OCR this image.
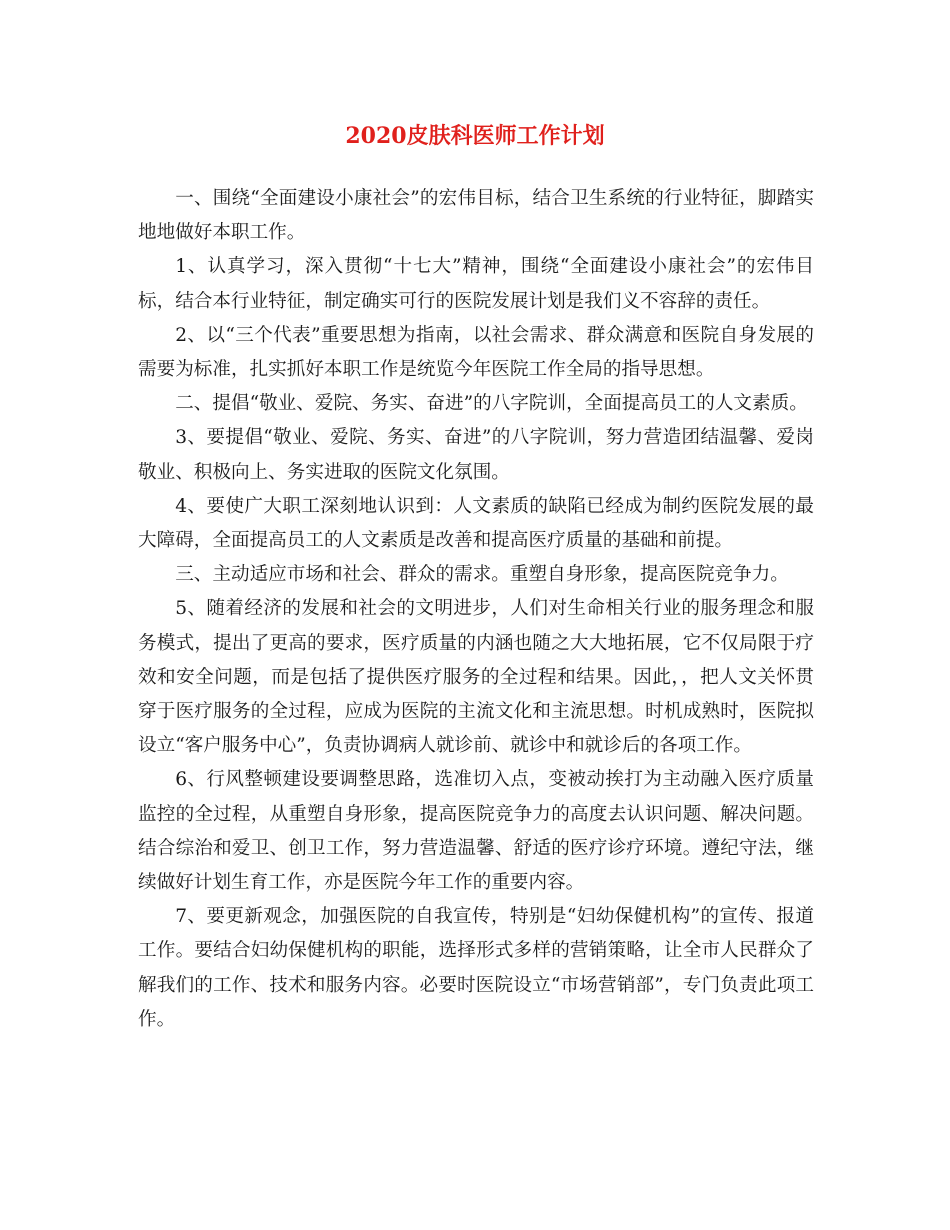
2020皮肤科医师工作计划

一、围绕“全面建设小康社会”的宏伟目标，结合卫生系统的行业特征，脚踏实地地做好本职工作。

1、认真学习，深入贯彻“十七大”精神，围绕“全面建设小康社会”的宏伟目标，结合本行业特征，制定确实可行的医院发展计划是我们义不容辞的责任。

2、以“三个代表”重要思想为指南，以社会需求、群众满意和医院自身发展的需要为标准，扎实抓好本职工作是统览今年医院工作全局的指导思想。

二、提倡“敬业、爱院、务实、奋进”的八字院训，全面提高员工的人文素质。

3、要提倡“敬业、爱院、务实、奋进”的八字院训，努力营造团结温馨、爱岗敬业、积极向上、务实进取的医院文化氛围。

4、要使广大职工深刻地认识到：人文素质的缺陷已经成为制约医院发展的最大障碍，全面提高员工的人文素质是改善和提高医疗质量的基础和前提。

三、主动适应市场和社会、群众的需求。重塑自身形象，提高医院竞争力。

5、随着经济的发展和社会的文明进步，人们对生命相关行业的服务理念和服务模式，提出了更高的要求，医疗质量的内涵也随之大大地拓展，它不仅局限于疗效和安全问题，而是包括了提供医疗服务的全过程和结果。因此，，把人文关怀贯穿于医疗服务的全过程，应成为医院的主流文化和主流思想。时机成熟时，医院拟设立“客户服务中心”，负责协调病人就诊前、就诊中和就诊后的各项工作。

6、行风整顿建设要调整思路，选准切入点，变被动挨打为主动融入医疗质量监控的全过程，从重塑自身形象，提高医院竞争力的高度去认识问题、解决问题。结合综治和爱卫、创卫工作，努力营造温馨、舒适的医疗诊疗环境。遵纪守法，继续做好计划生育工作，亦是医院今年工作的重要内容。

7、要更新观念，加强医院的自我宣传，特别是“妇幼保健机构”的宣传、报道工作。要结合妇幼保健机构的职能，选择形式多样的营销策略，让全市人民群众了解我们的工作、技术和服务内容。必要时医院设立“市场营销部”，专门负责此项工作。
